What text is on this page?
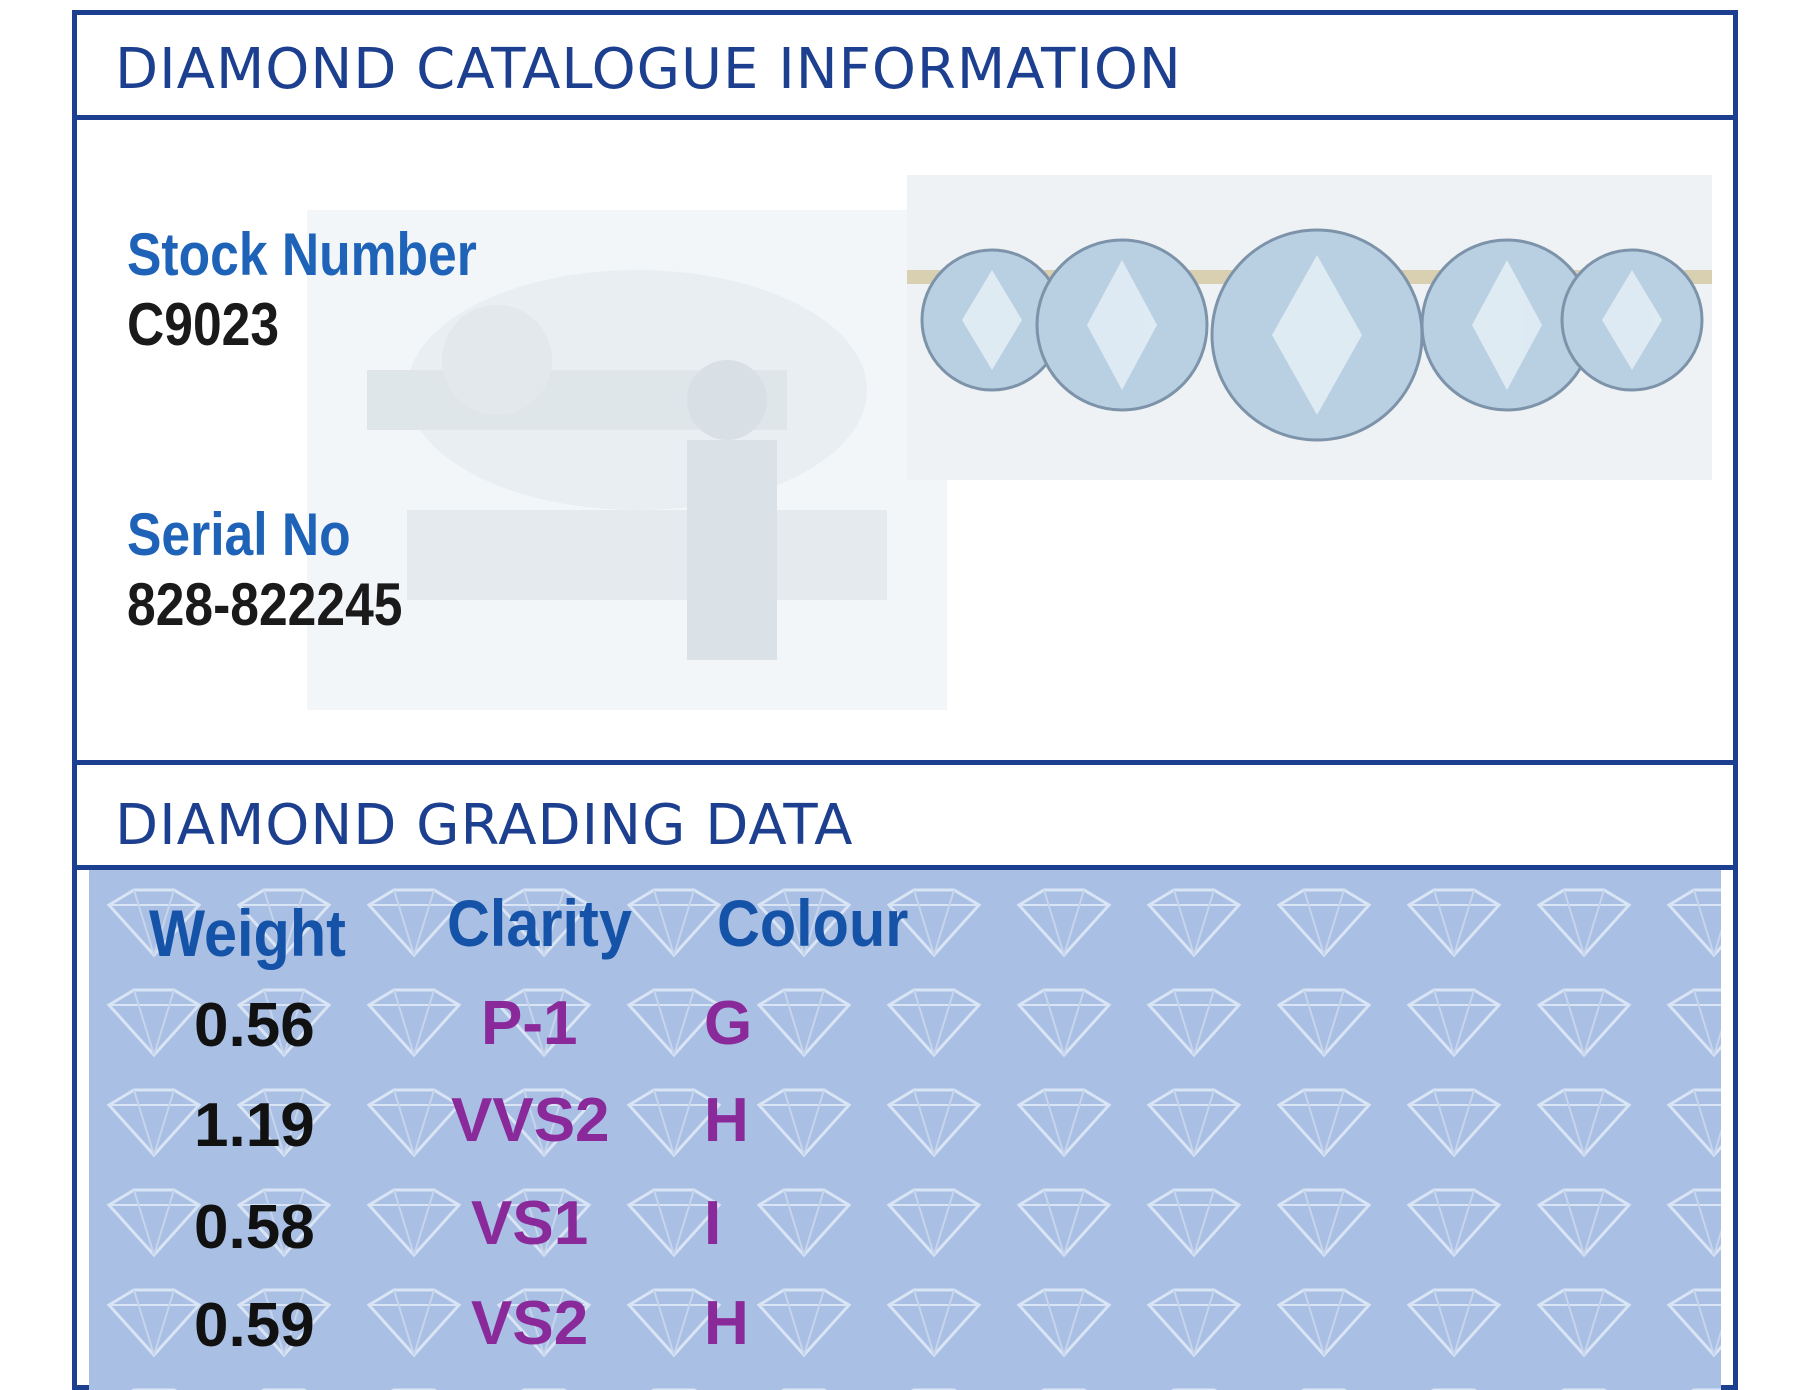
DIAMOND CATALOGUE INFORMATION
Stock Number
C9023
Serial No
828-822245
DIAMOND GRADING DATA
Weight Clarity Colour
0.56	P-1 G
1.19 VVS2 H
0.58	VS1 I
0.59	VS2 H
